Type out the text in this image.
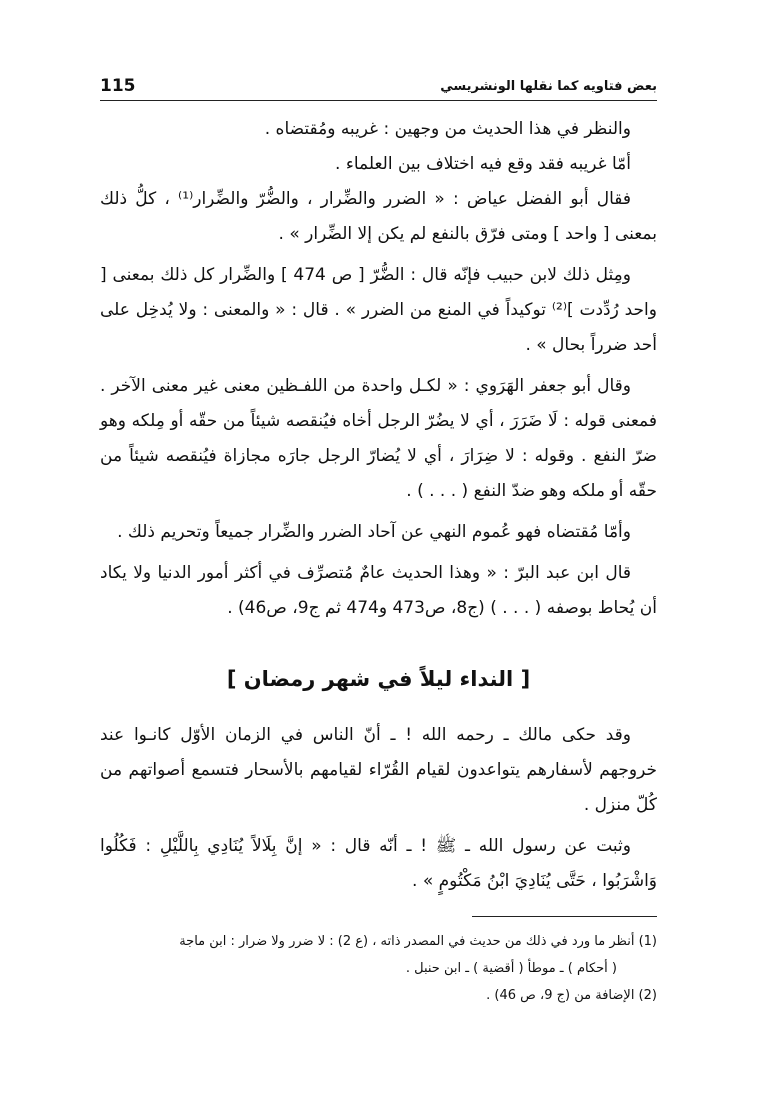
بعض فتاويه كما نقلها الونشريسي
115

والنظر في هذا الحديث من وجهين : غريبه ومُقتضاه .

أمّا غريبه فقد وقع فيه اختلاف بين العلماء .

فقال أبو الفضل عياض : « الضرر والضِّرار ، والضُّرّ والضِّرار⁽¹⁾ ، كلُّ ذلك بمعنى [ واحد ] ومتى فرّق بالنفع لم يكن إلا الضِّرار » .

ومِثل ذلك لابن حبيب فإنّه قال : الضُّرّ [ ص 474 ] والضِّرار كل ذلك بمعنى [ واحد رُدِّدت ]⁽²⁾ توكيداً في المنع من الضرر » . قال : « والمعنى : ولا يُدخِل على أحد ضرراً بحال » .

وقال أبو جعفر الهَرَوي : « لكـل واحدة من اللفـظين معنى غير معنى الآخر . فمعنى قوله : لَا ضَرَرَ ، أي لا يضُرّ الرجل أخاه فيُنقصه شيئاً من حقّه أو مِلكه وهو ضرّ النفع . وقوله : لا ضِرَارَ ، أي لا يُضارّ الرجل جارَه مجازاة فيُنقصه شيئاً من حقّه أو ملكه وهو ضدّ النفع ( . . . ) .

وأمّا مُقتضاه فهو عُموم النهي عن آحاد الضرر والضِّرار جميعاً وتحريم ذلك .

قال ابن عبد البرّ : « وهذا الحديث عامٌ مُتصرِّف في أكثر أمور الدنيا ولا يكاد أن يُحاط بوصفه ( . . . ) (ج8، ص473 و474 ثم ج9، ص46) .

[ النداء ليلاً في شهر رمضان ]

وقد حكى مالك ـ رحمه الله ! ـ أنّ الناس في الزمان الأوّل كانـوا عند خروجهم لأسفارهم يتواعدون لقيام القُرّاء لقيامهم بالأسحار فتسمع أصواتهم من كُلّ منزل .

وثبت عن رسول الله ـ ﷺ ! ـ أنّه قال : « إنَّ بِلَالاً يُنَادِي بِاللَّيْلِ : فَكُلُوا وَاشْرَبُوا ، حَتَّى يُنَادِيَ ابْنُ مَكْتُومٍ » .

(1) أنظر ما ورد في ذلك من حديث في المصدر ذاته ، (ع 2) : لا ضرر ولا ضرار : ابن ماجة

( أحكام ) ـ موطأ ( أقضية ) ـ ابن حنبل .

(2) الإضافة من (ج 9، ص 46) .
